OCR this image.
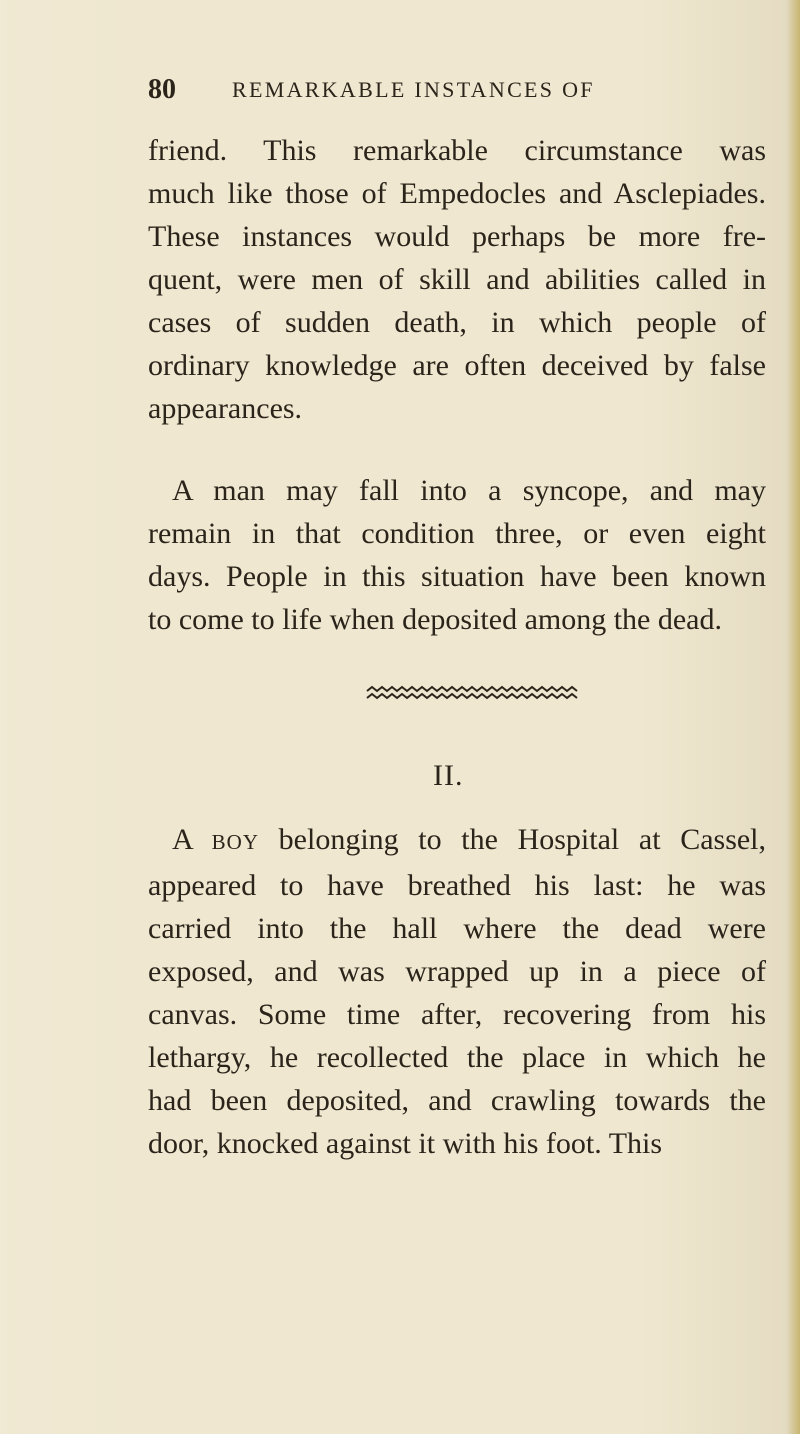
80	REMARKABLE INSTANCES OF
friend. This remarkable circumstance was
much like those of Empedocles and Asclepiades.
These instances would perhaps be more fre-
quent, were men of skill and abilities called in
cases of sudden death, in which people of
ordinary knowledge are often deceived by false
appearances.
A man may fall into a syncope, and may
remain in that condition three, or even eight
days. People in this situation have been known
to come to life when deposited among the dead.
II.
A BOY belonging to the Hospital at Cassel,
appeared to have breathed his last: he was
carried into the hall where the dead were
exposed, and was wrapped up in a piece of
canvas. Some time after, recovering from his
lethargy, he recollected the place in which he
had been deposited, and crawling towards the
door, knocked against it with his foot. This
